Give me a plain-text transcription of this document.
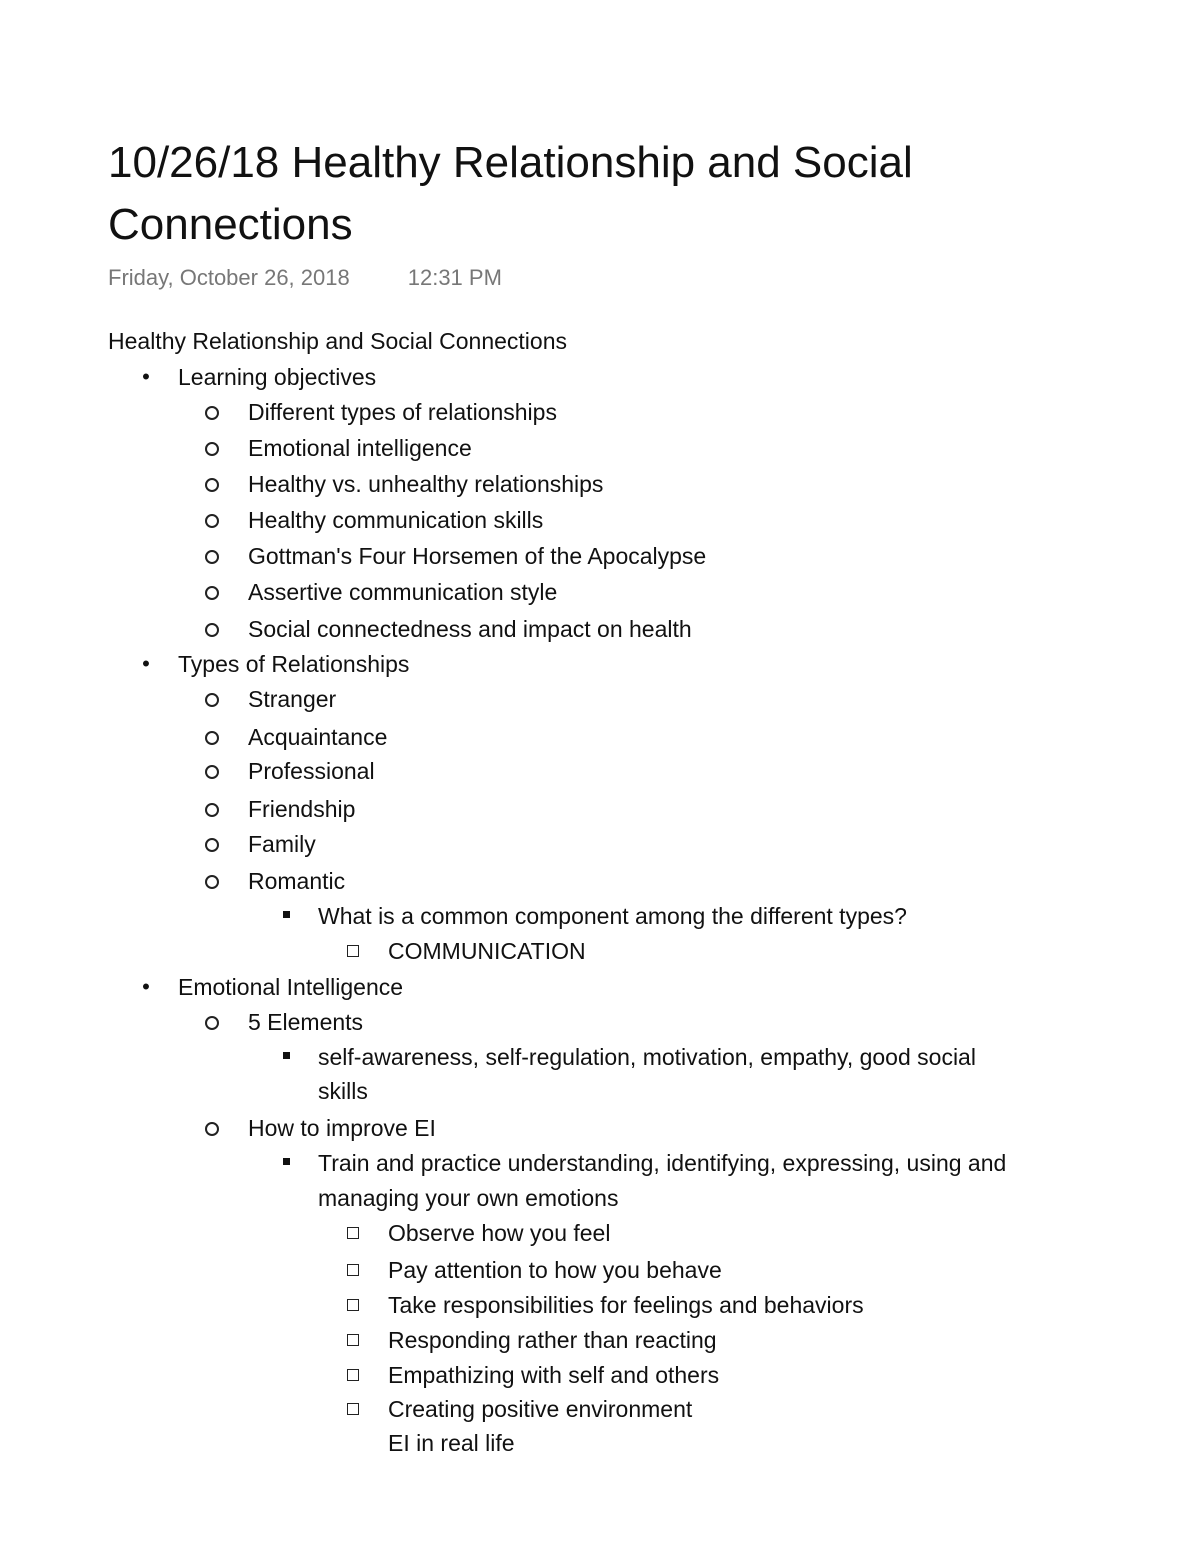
10/26/18 Healthy Relationship and Social Connections
Friday, October 26, 2018	12:31 PM
Healthy Relationship and Social Connections
•
Learning objectives
Different types of relationships
Emotional intelligence
Healthy vs. unhealthy relationships
Healthy communication skills
Gottman's Four Horsemen of the Apocalypse
Assertive communication style
Social connectedness and impact on health
•
Types of Relationships
Stranger
Acquaintance
Professional
Friendship
Family
Romantic
What is a common component among the different types?
COMMUNICATION
•
Emotional Intelligence
5 Elements
self-awareness, self-regulation, motivation, empathy, good social
skills
How to improve EI
Train and practice understanding, identifying, expressing, using and
managing your own emotions
Observe how you feel
Pay attention to how you behave
Take responsibilities for feelings and behaviors
Responding rather than reacting
Empathizing with self and others
Creating positive environment
EI in real life
